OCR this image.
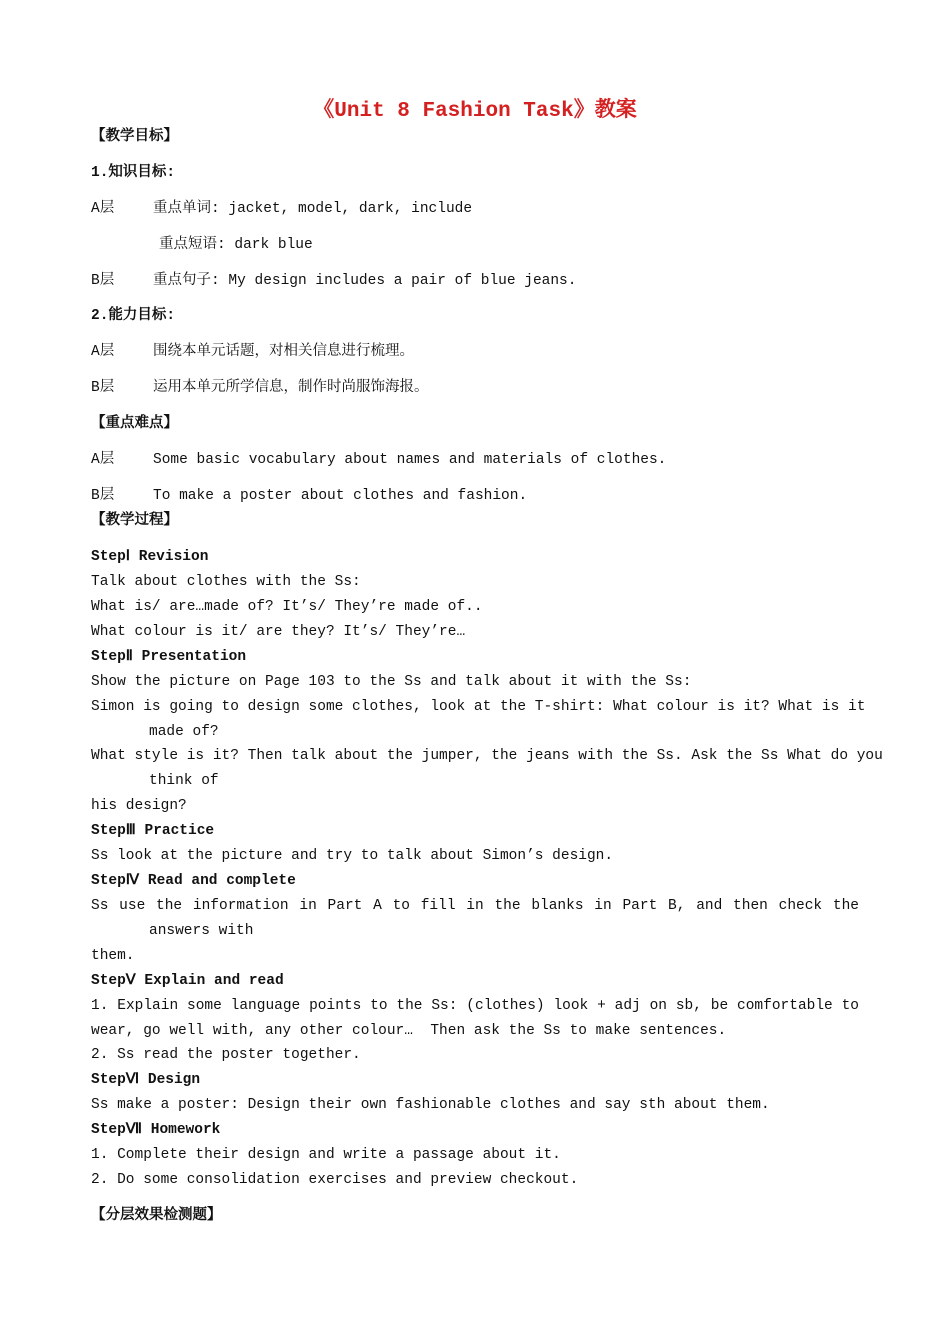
《Unit 8 Fashion Task》教案
【教学目标】
1.知识目标:
A层	重点单词: jacket, model, dark, include
重点短语: dark blue
B层	重点句子: My design includes a pair of blue jeans.
2.能力目标:
A层	围绕本单元话题，对相关信息进行梳理。
B层	运用本单元所学信息，制作时尚服饰海报。
【重点难点】
A层	Some basic vocabulary about names and materials of clothes.
B层	To make a poster about clothes and fashion.
【教学过程】
StepⅠ Revision
Talk about clothes with the Ss:
What is/ are…made of? It’s/ They’re made of..
What colour is it/ are they? It’s/ They’re…
StepⅡ Presentation
Show the picture on Page 103 to the Ss and talk about it with the Ss:
Simon is going to design some clothes, look at the T-shirt: What colour is it? What is it
made of?
What style is it? Then talk about the jumper, the jeans with the Ss. Ask the Ss What do you
think of
his design?
StepⅢ Practice
Ss look at the picture and try to talk about Simon’s design.
StepⅣ Read and complete
Ss use the information in Part A to fill in the blanks in Part B, and then check the
answers with
them.
StepⅤ Explain and read
1. Explain some language points to the Ss: (clothes) look + adj on sb, be comfortable to
wear, go well with, any other colour…  Then ask the Ss to make sentences.
2. Ss read the poster together.
StepⅥ Design
Ss make a poster: Design their own fashionable clothes and say sth about them.
StepⅦ Homework
1. Complete their design and write a passage about it.
2. Do some consolidation exercises and preview checkout.
【分层效果检测题】
